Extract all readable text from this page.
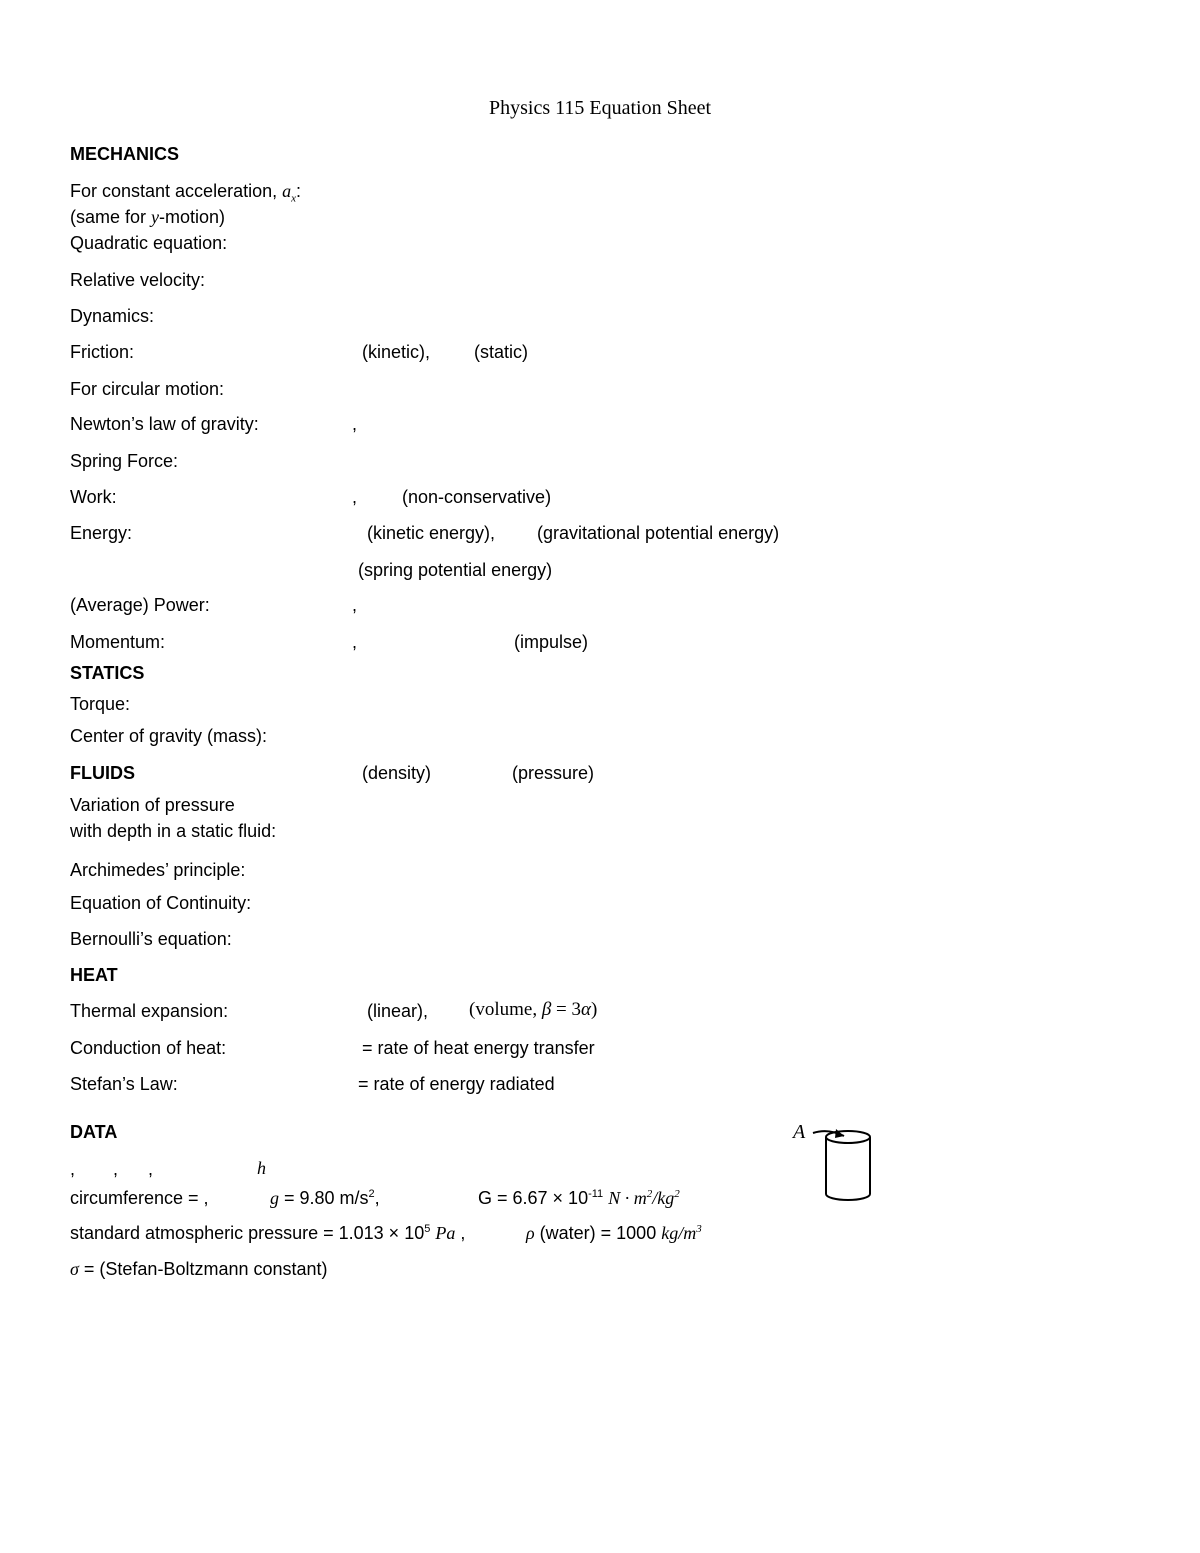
Physics 115 Equation Sheet
MECHANICS
For constant acceleration, $a_x$:
(same for y-motion)
Quadratic equation:
Relative velocity:
Dynamics:
Friction:	(kinetic), (static)
For circular motion:
Newton’s law of gravity:	,
Spring Force:
Work:	, (non-conservative)
Energy:	(kinetic energy), (gravitational potential energy)
(spring potential energy)
(Average) Power:	,
Momentum:	,	(impulse)
STATICS
Torque:
Center of gravity (mass):
FLUIDS	(density)	(pressure)
Variation of pressure
with depth in a static fluid:
Archimedes’ principle:
Equation of Continuity:
Bernoulli’s equation:
HEAT
Thermal expansion:	(linear), (volume, β = 3α)
Conduction of heat:	= rate of heat energy transfer
Stefan’s Law:	= rate of energy radiated
DATA
, , ,	h
circumference = ,	g = 9.80 $m/s^2$,	$G = 6.67 \times 10^{-11}$ $N \cdot m^2/kg^2$
standard atmospheric pressure = $1.013 \times 10^5$ Pa ,	ρ (water) = 1000 $kg/m^3$
σ = (Stefan-Boltzmann constant)
A
